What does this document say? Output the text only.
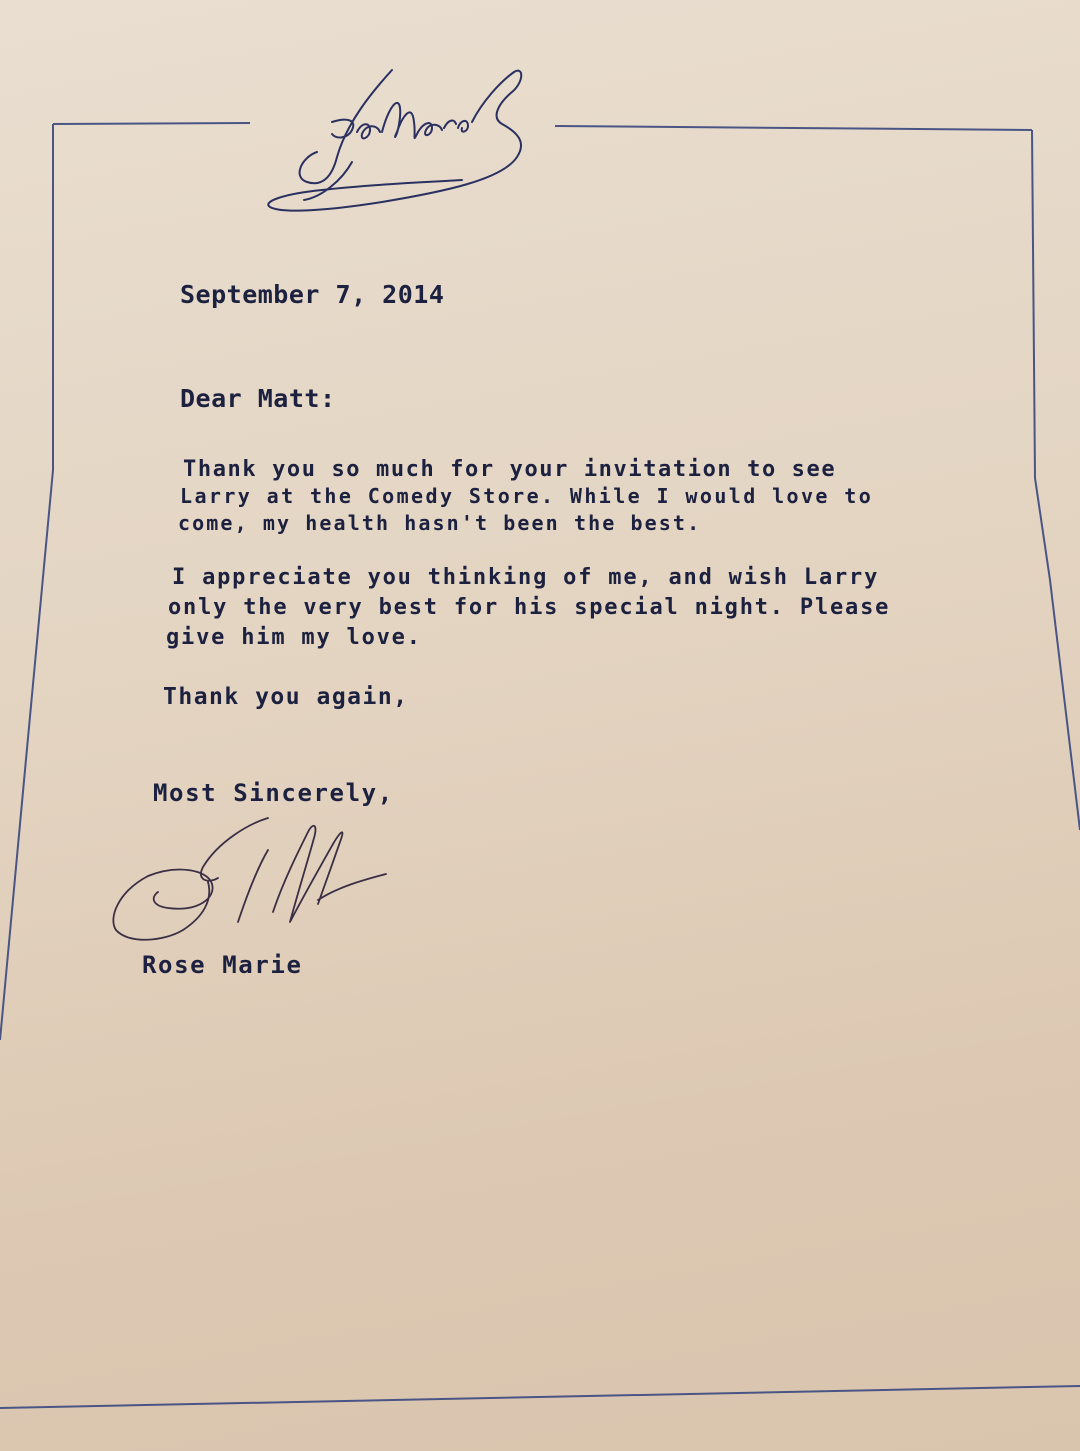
September 7, 2014
Dear Matt:
Thank you so much for your invitation to see
Larry at the Comedy Store. While I would love to
come, my health hasn't been the best.
I appreciate you thinking of me, and wish Larry
only the very best for his special night. Please
give him my love.
Thank you again,
Most Sincerely,
Rose Marie
